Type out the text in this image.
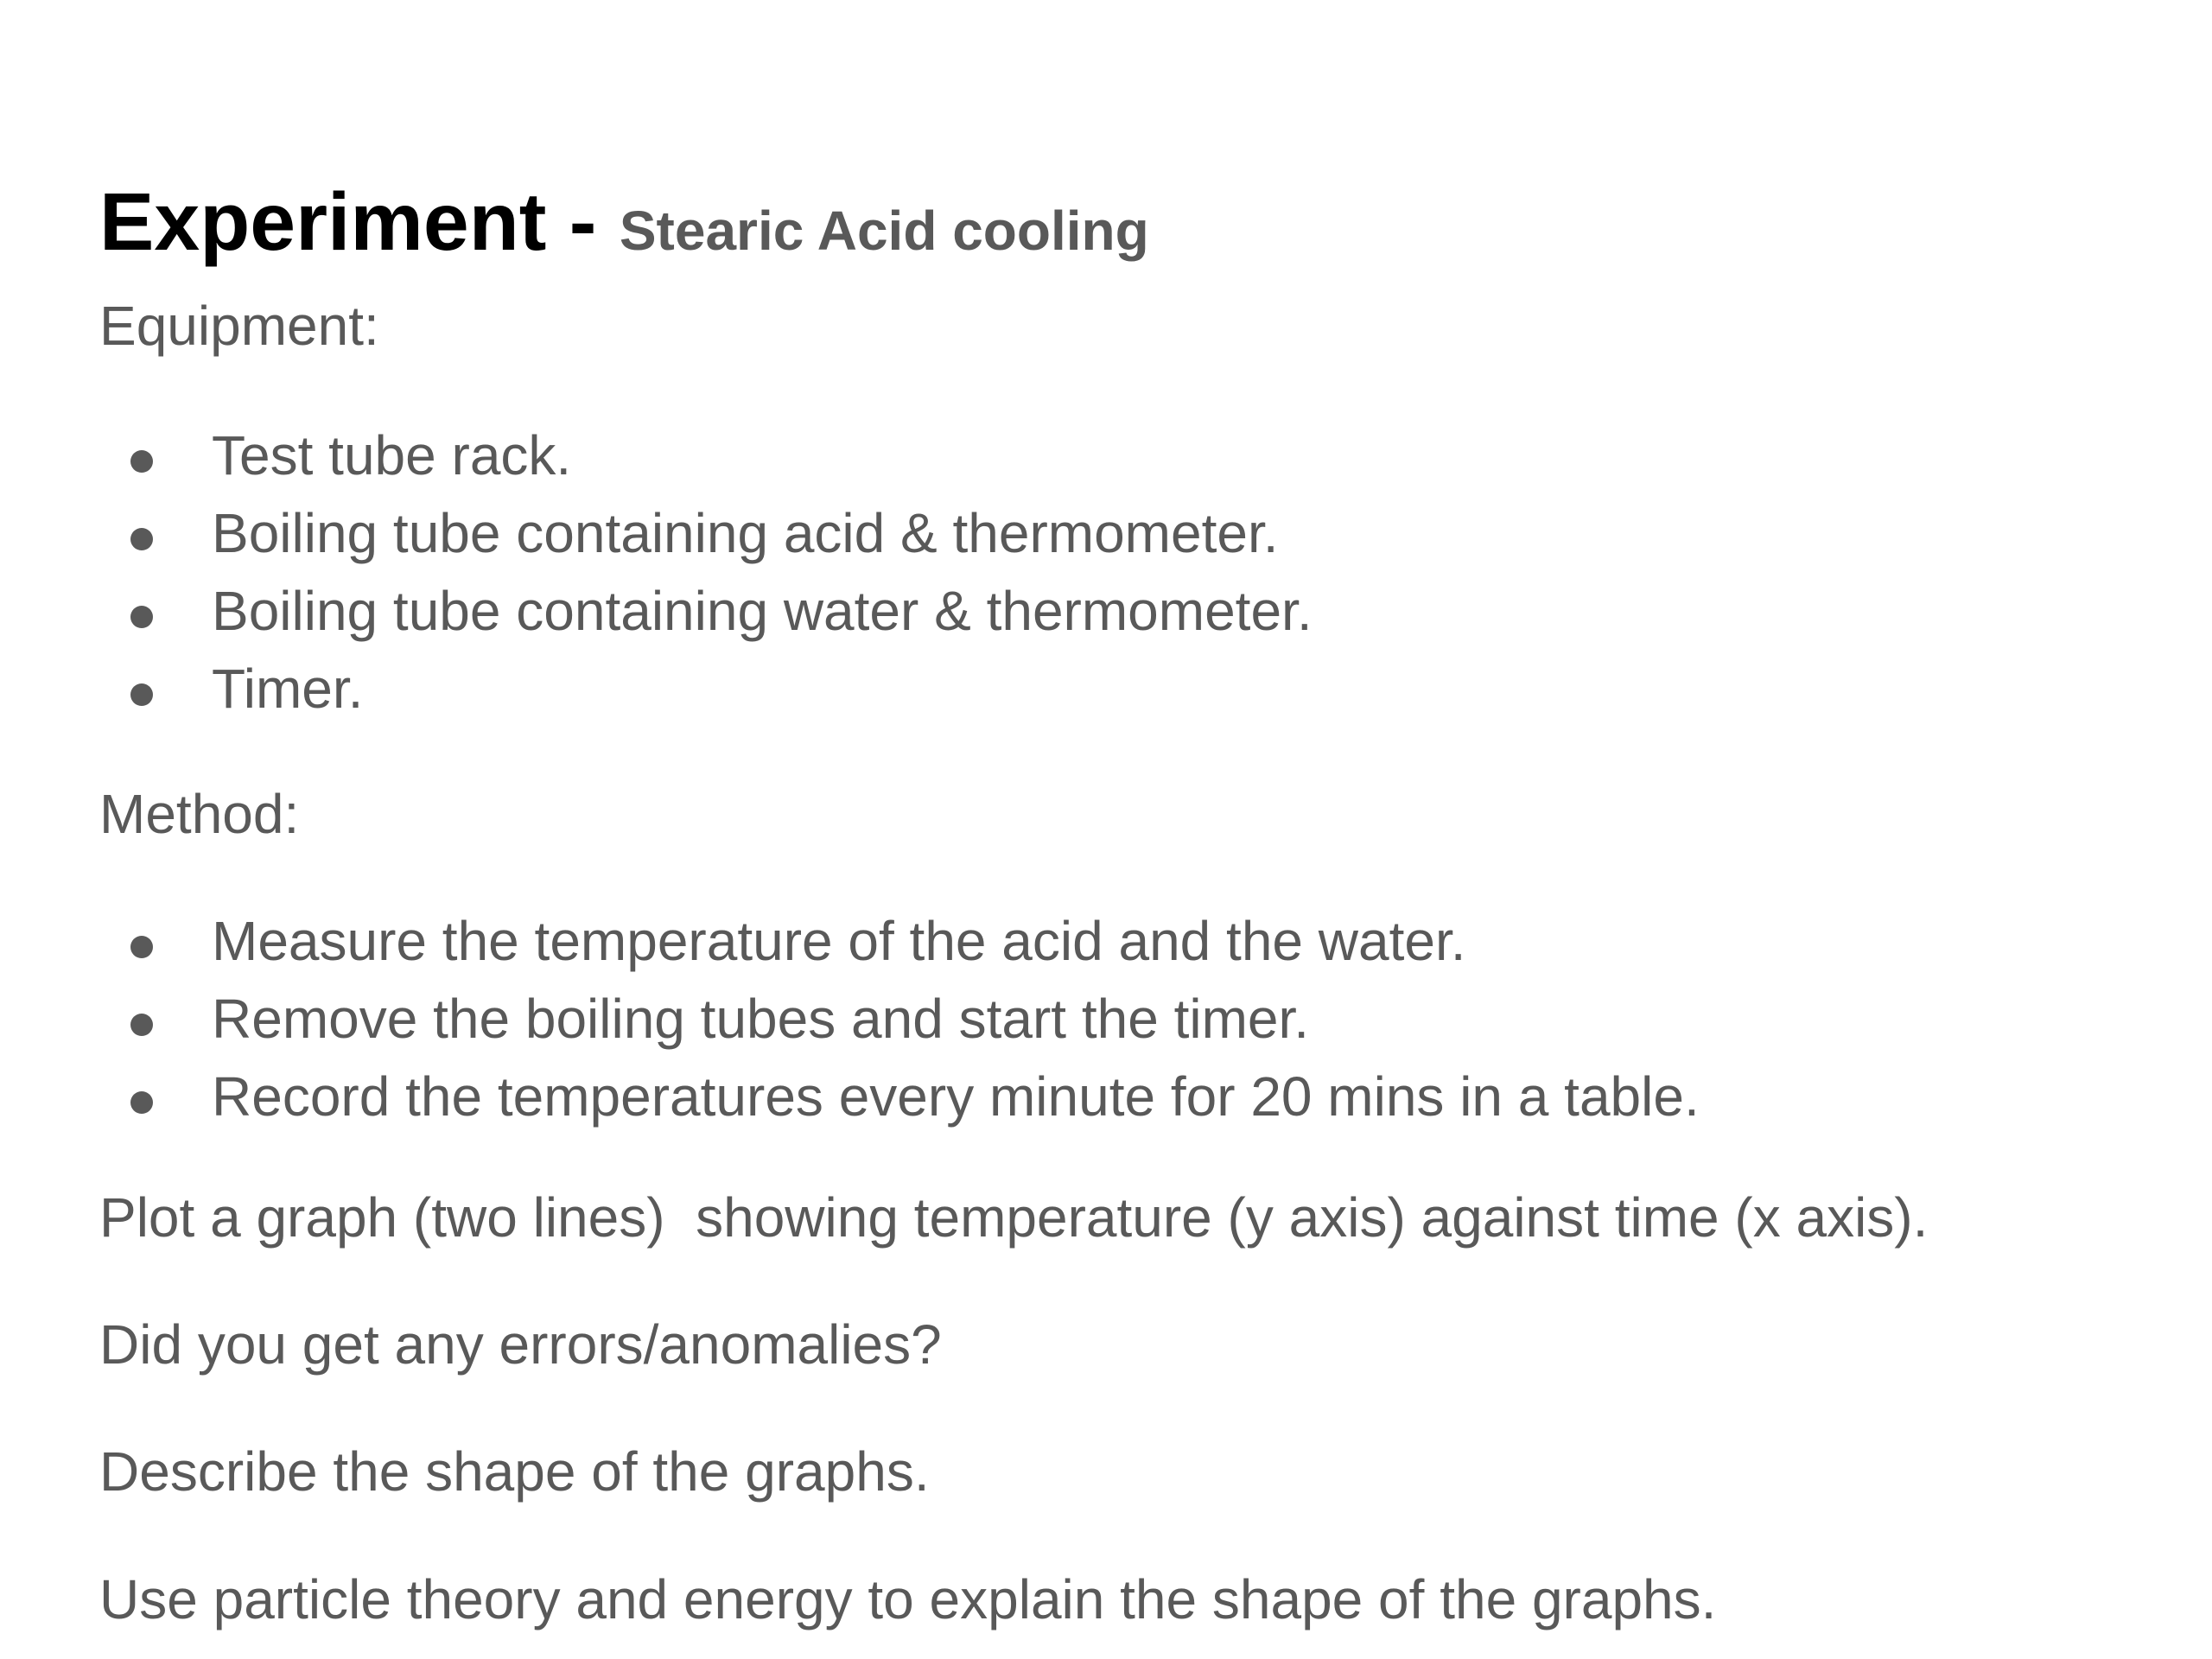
Experiment - Stearic Acid cooling

Equipment:

Test tube rack.
Boiling tube containing acid & thermometer.
Boiling tube containing water & thermometer.
Timer.

Method:

Measure the temperature of the acid and the water.
Remove the boiling tubes and start the timer.
Record the temperatures every minute for 20 mins in a table.

Plot a graph (two lines)  showing temperature (y axis) against time (x axis).

Did you get any errors/anomalies?

Describe the shape of the graphs.

Use particle theory and energy to explain the shape of the graphs.
